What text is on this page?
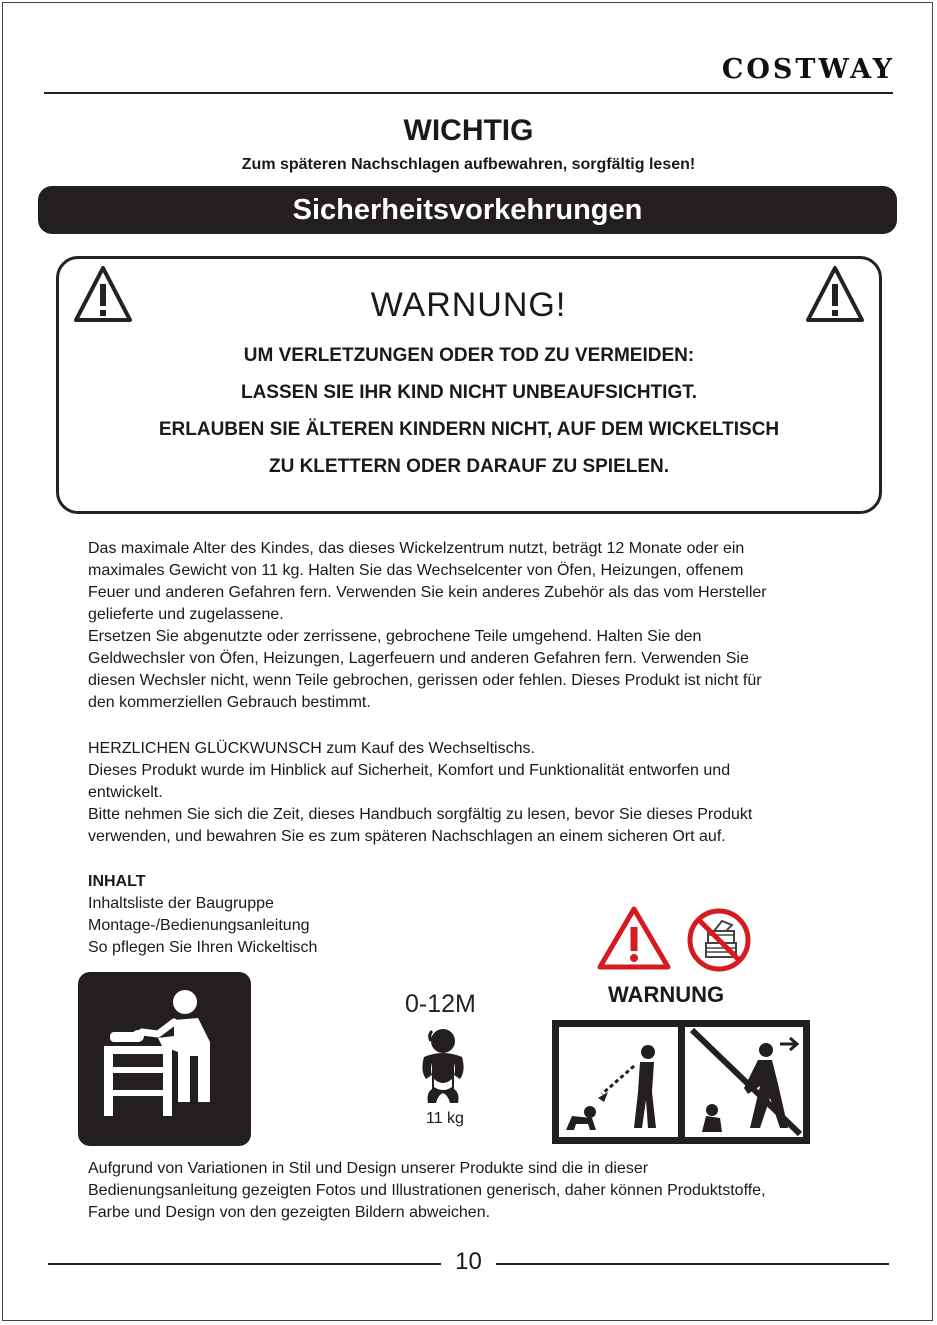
COSTWAY
WICHTIG
Zum späteren Nachschlagen aufbewahren, sorgfältig lesen!
Sicherheitsvorkehrungen
WARNUNG!
UM VERLETZUNGEN ODER TOD ZU VERMEIDEN:
LASSEN SIE IHR KIND NICHT UNBEAUFSICHTIGT.
ERLAUBEN SIE ÄLTEREN KINDERN NICHT, AUF DEM WICKELTISCH
ZU KLETTERN ODER DARAUF ZU SPIELEN.

Das maximale Alter des Kindes, das dieses Wickelzentrum nutzt, beträgt 12 Monate oder ein

maximales Gewicht von 11 kg. Halten Sie das Wechselcenter von Öfen, Heizungen, offenem

Feuer und anderen Gefahren fern. Verwenden Sie kein anderes Zubehör als das vom Hersteller

gelieferte und zugelassene.

Ersetzen Sie abgenutzte oder zerrissene, gebrochene Teile umgehend. Halten Sie den

Geldwechsler von Öfen, Heizungen, Lagerfeuern und anderen Gefahren fern. Verwenden Sie

diesen Wechsler nicht, wenn Teile gebrochen, gerissen oder fehlen. Dieses Produkt ist nicht für

den kommerziellen Gebrauch bestimmt.

HERZLICHEN GLÜCKWUNSCH zum Kauf des Wechseltischs.

Dieses Produkt wurde im Hinblick auf Sicherheit, Komfort und Funktionalität entworfen und

entwickelt.

Bitte nehmen Sie sich die Zeit, dieses Handbuch sorgfältig zu lesen, bevor Sie dieses Produkt

verwenden, und bewahren Sie es zum späteren Nachschlagen an einem sicheren Ort auf.

INHALT

Inhaltsliste der Baugruppe

Montage-/Bedienungsanleitung

So pflegen Sie Ihren Wickeltisch

WARNUNG
0-12M
11 kg

Aufgrund von Variationen in Stil und Design unserer Produkte sind die in dieser

Bedienungsanleitung gezeigten Fotos und Illustrationen generisch, daher können Produktstoffe,

Farbe und Design von den gezeigten Bildern abweichen.

10
